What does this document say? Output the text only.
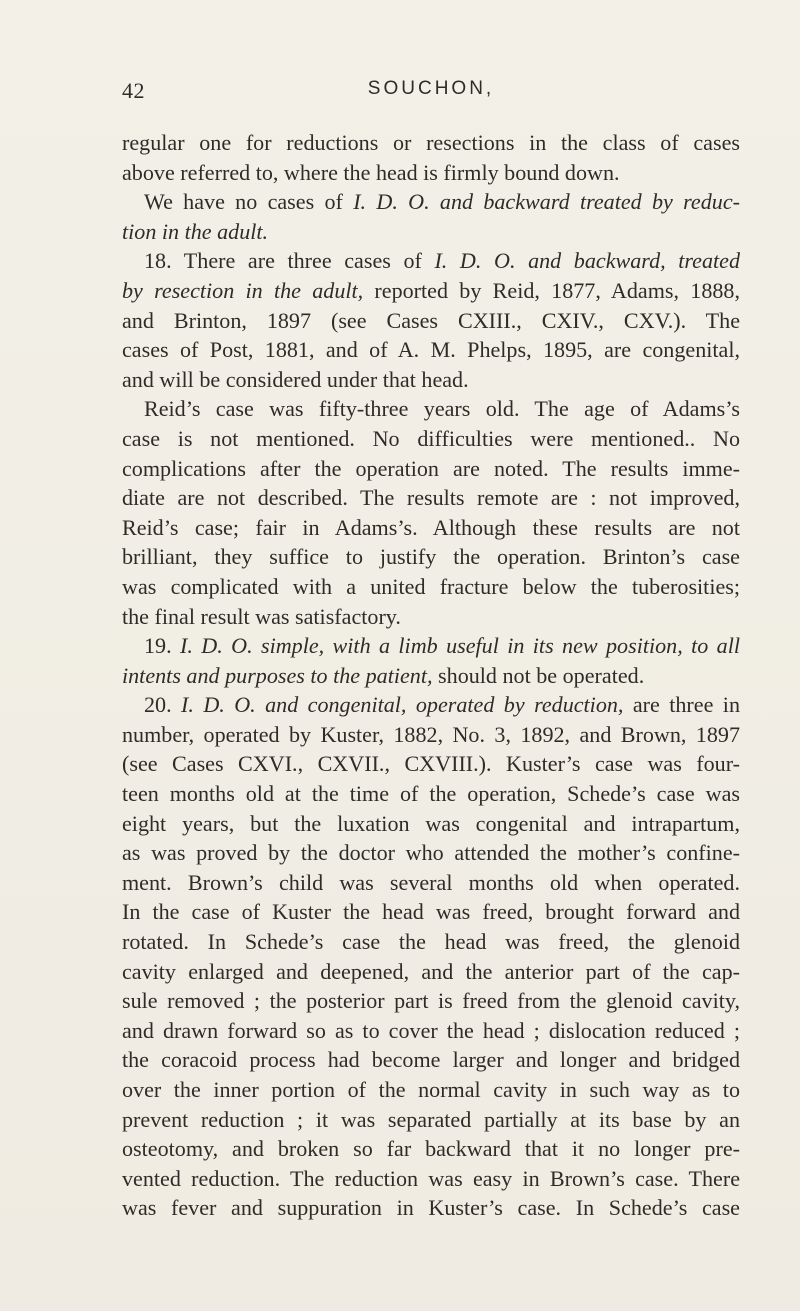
42	SOUCHON,
regular one for reductions or resections in the class of cases
above referred to, where the head is firmly bound down.
We have no cases of I. D. O. and backward treated by reduc-
tion in the adult.
18. There are three cases of I. D. O. and backward, treated
by resection in the adult, reported by Reid, 1877, Adams, 1888,
and Brinton, 1897 (see Cases CXIII., CXIV., CXV.). The
cases of Post, 1881, and of A. M. Phelps, 1895, are congenital,
and will be considered under that head.
Reid’s case was fifty-three years old. The age of Adams’s
case is not mentioned. No difficulties were mentioned.. No
complications after the operation are noted. The results imme-
diate are not described. The results remote are : not improved,
Reid’s case; fair in Adams’s. Although these results are not
brilliant, they suffice to justify the operation. Brinton’s case
was complicated with a united fracture below the tuberosities;
the final result was satisfactory.
19. I. D. O. simple, with a limb useful in its new position, to all
intents and purposes to the patient, should not be operated.
20. I. D. O. and congenital, operated by reduction, are three in
number, operated by Kuster, 1882, No. 3, 1892, and Brown, 1897
(see Cases CXVI., CXVII., CXVIII.). Kuster’s case was four-
teen months old at the time of the operation, Schede’s case was
eight years, but the luxation was congenital and intrapartum,
as was proved by the doctor who attended the mother’s confine-
ment. Brown’s child was several months old when operated.
In the case of Kuster the head was freed, brought forward and
rotated. In Schede’s case the head was freed, the glenoid
cavity enlarged and deepened, and the anterior part of the cap-
sule removed ; the posterior part is freed from the glenoid cavity,
and drawn forward so as to cover the head ; dislocation reduced ;
the coracoid process had become larger and longer and bridged
over the inner portion of the normal cavity in such way as to
prevent reduction ; it was separated partially at its base by an
osteotomy, and broken so far backward that it no longer pre-
vented reduction. The reduction was easy in Brown’s case. There
was fever and suppuration in Kuster’s case. In Schede’s case
